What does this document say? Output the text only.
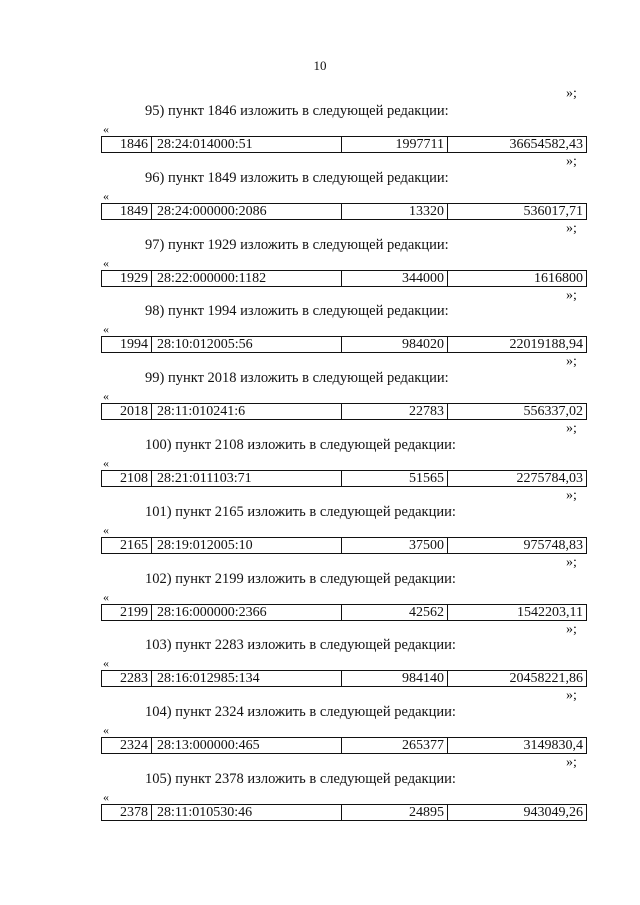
10
»;
95) пункт 1846 изложить в следующей редакции:
«
1846 28:24:014000:51	1997711	36654582,43
»;
96) пункт 1849 изложить в следующей редакции:
«
1849 28:24:000000:2086	13320	536017,71
»;
97) пункт 1929 изложить в следующей редакции:
«
1929 28:22:000000:1182	344000	1616800
»;
98) пункт 1994 изложить в следующей редакции:
«
1994 28:10:012005:56	984020	22019188,94
»;
99) пункт 2018 изложить в следующей редакции:
«
2018 28:11:010241:6	22783	556337,02
»;
100) пункт 2108 изложить в следующей редакции:
«
2108 28:21:011103:71	51565	2275784,03
»;
101) пункт 2165 изложить в следующей редакции:
«
2165 28:19:012005:10	37500	975748,83
»;
102) пункт 2199 изложить в следующей редакции:
«
2199 28:16:000000:2366	42562	1542203,11
»;
103) пункт 2283 изложить в следующей редакции:
«
2283 28:16:012985:134	984140	20458221,86
»;
104) пункт 2324 изложить в следующей редакции:
«
2324 28:13:000000:465	265377	3149830,4
»;
105) пункт 2378 изложить в следующей редакции:
«
2378 28:11:010530:46	24895	943049,26
